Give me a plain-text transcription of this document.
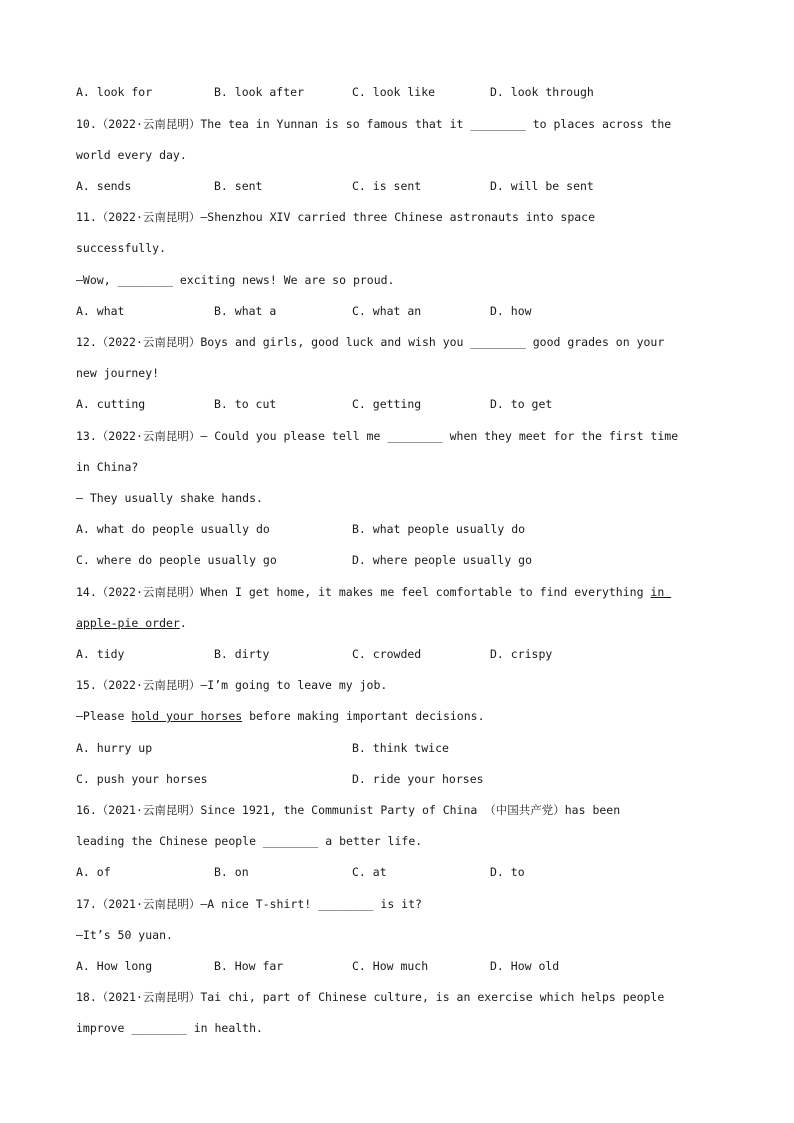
A. look for	B. look after	C. look like	D. look through
10.（2022·云南昆明）The tea in Yunnan is so famous that it ________ to places across the
world every day.
A. sends	B. sent	C. is sent	D. will be sent
11.（2022·云南昆明）—Shenzhou XIV carried three Chinese astronauts into space
successfully.
—Wow, ________ exciting news! We are so proud.
A. what	B. what a	C. what an	D. how
12.（2022·云南昆明）Boys and girls, good luck and wish you ________ good grades on your
new journey!
A. cutting	B. to cut	C. getting	D. to get
13.（2022·云南昆明）— Could you please tell me ________ when they meet for the first time
in China?
— They usually shake hands.
A. what do people usually do	B. what people usually do
C. where do people usually go	D. where people usually go
14.（2022·云南昆明）When I get home, it makes me feel comfortable to find everything in
apple-pie order.
A. tidy	B. dirty	C. crowded	D. crispy
15.（2022·云南昆明）—I’m going to leave my job.
—Please hold your horses before making important decisions.
A. hurry up	B. think twice
C. push your horses	D. ride your horses
16.（2021·云南昆明）Since 1921, the Communist Party of China （中国共产党）has been
leading the Chinese people ________ a better life.
A. of	B. on	C. at	D. to
17.（2021·云南昆明）—A nice T-shirt! ________ is it?
—It’s 50 yuan.
A. How long	B. How far	C. How much	D. How old
18.（2021·云南昆明）Tai chi, part of Chinese culture, is an exercise which helps people
improve ________ in health.
